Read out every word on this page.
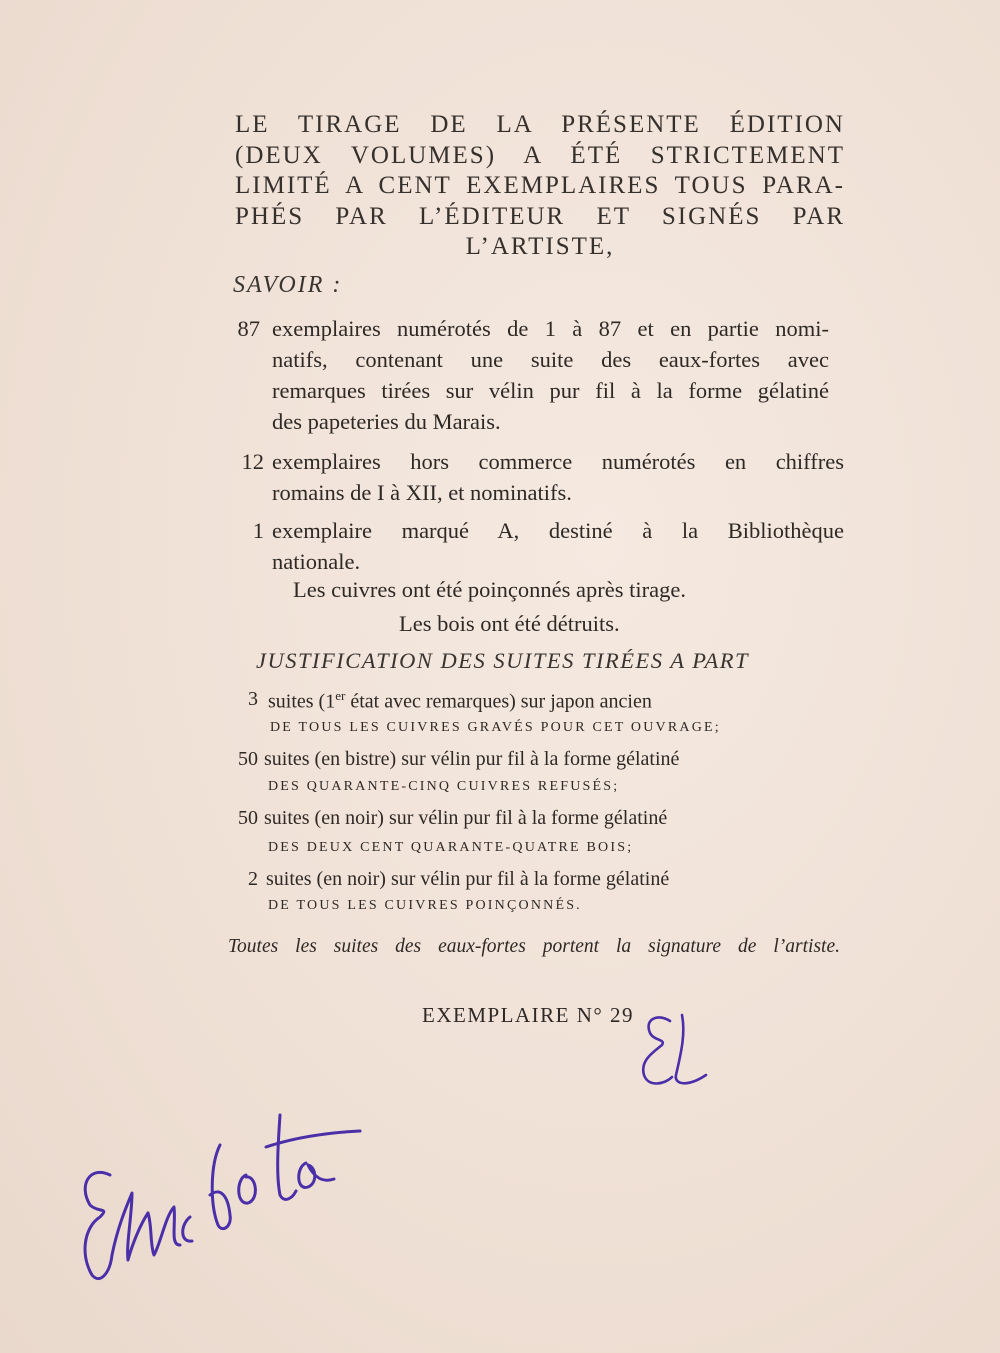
LE TIRAGE DE LA PRÉSENTE ÉDITION
(DEUX VOLUMES) A ÉTÉ STRICTEMENT
LIMITÉ A CENT EXEMPLAIRES TOUS PARA-
PHÉS PAR L’ÉDITEUR ET SIGNÉS PAR
L’ARTISTE,
SAVOIR :
87 exemplaires numérotés de 1 à 87 et en partie nomi-
natifs, contenant une suite des eaux-fortes avec
remarques tirées sur vélin pur fil à la forme gélatiné
des papeteries du Marais.
12 exemplaires hors commerce numérotés en chiffres
romains de I à XII, et nominatifs.
1 exemplaire marqué A, destiné à la Bibliothèque
nationale.
Les cuivres ont été poinçonnés après tirage.
Les bois ont été détruits.
JUSTIFICATION DES SUITES TIRÉES A PART
3 suites (1er état avec remarques) sur japon ancien
DE TOUS LES CUIVRES GRAVÉS POUR CET OUVRAGE;
50 suites (en bistre) sur vélin pur fil à la forme gélatiné
DES QUARANTE-CINQ CUIVRES REFUSÉS;
50 suites (en noir) sur vélin pur fil à la forme gélatiné
DES DEUX CENT QUARANTE-QUATRE BOIS;
2 suites (en noir) sur vélin pur fil à la forme gélatiné
DE TOUS LES CUIVRES POINÇONNÉS.
Toutes les suites des eaux-fortes portent la signature de l’artiste.
EXEMPLAIRE N° 29
